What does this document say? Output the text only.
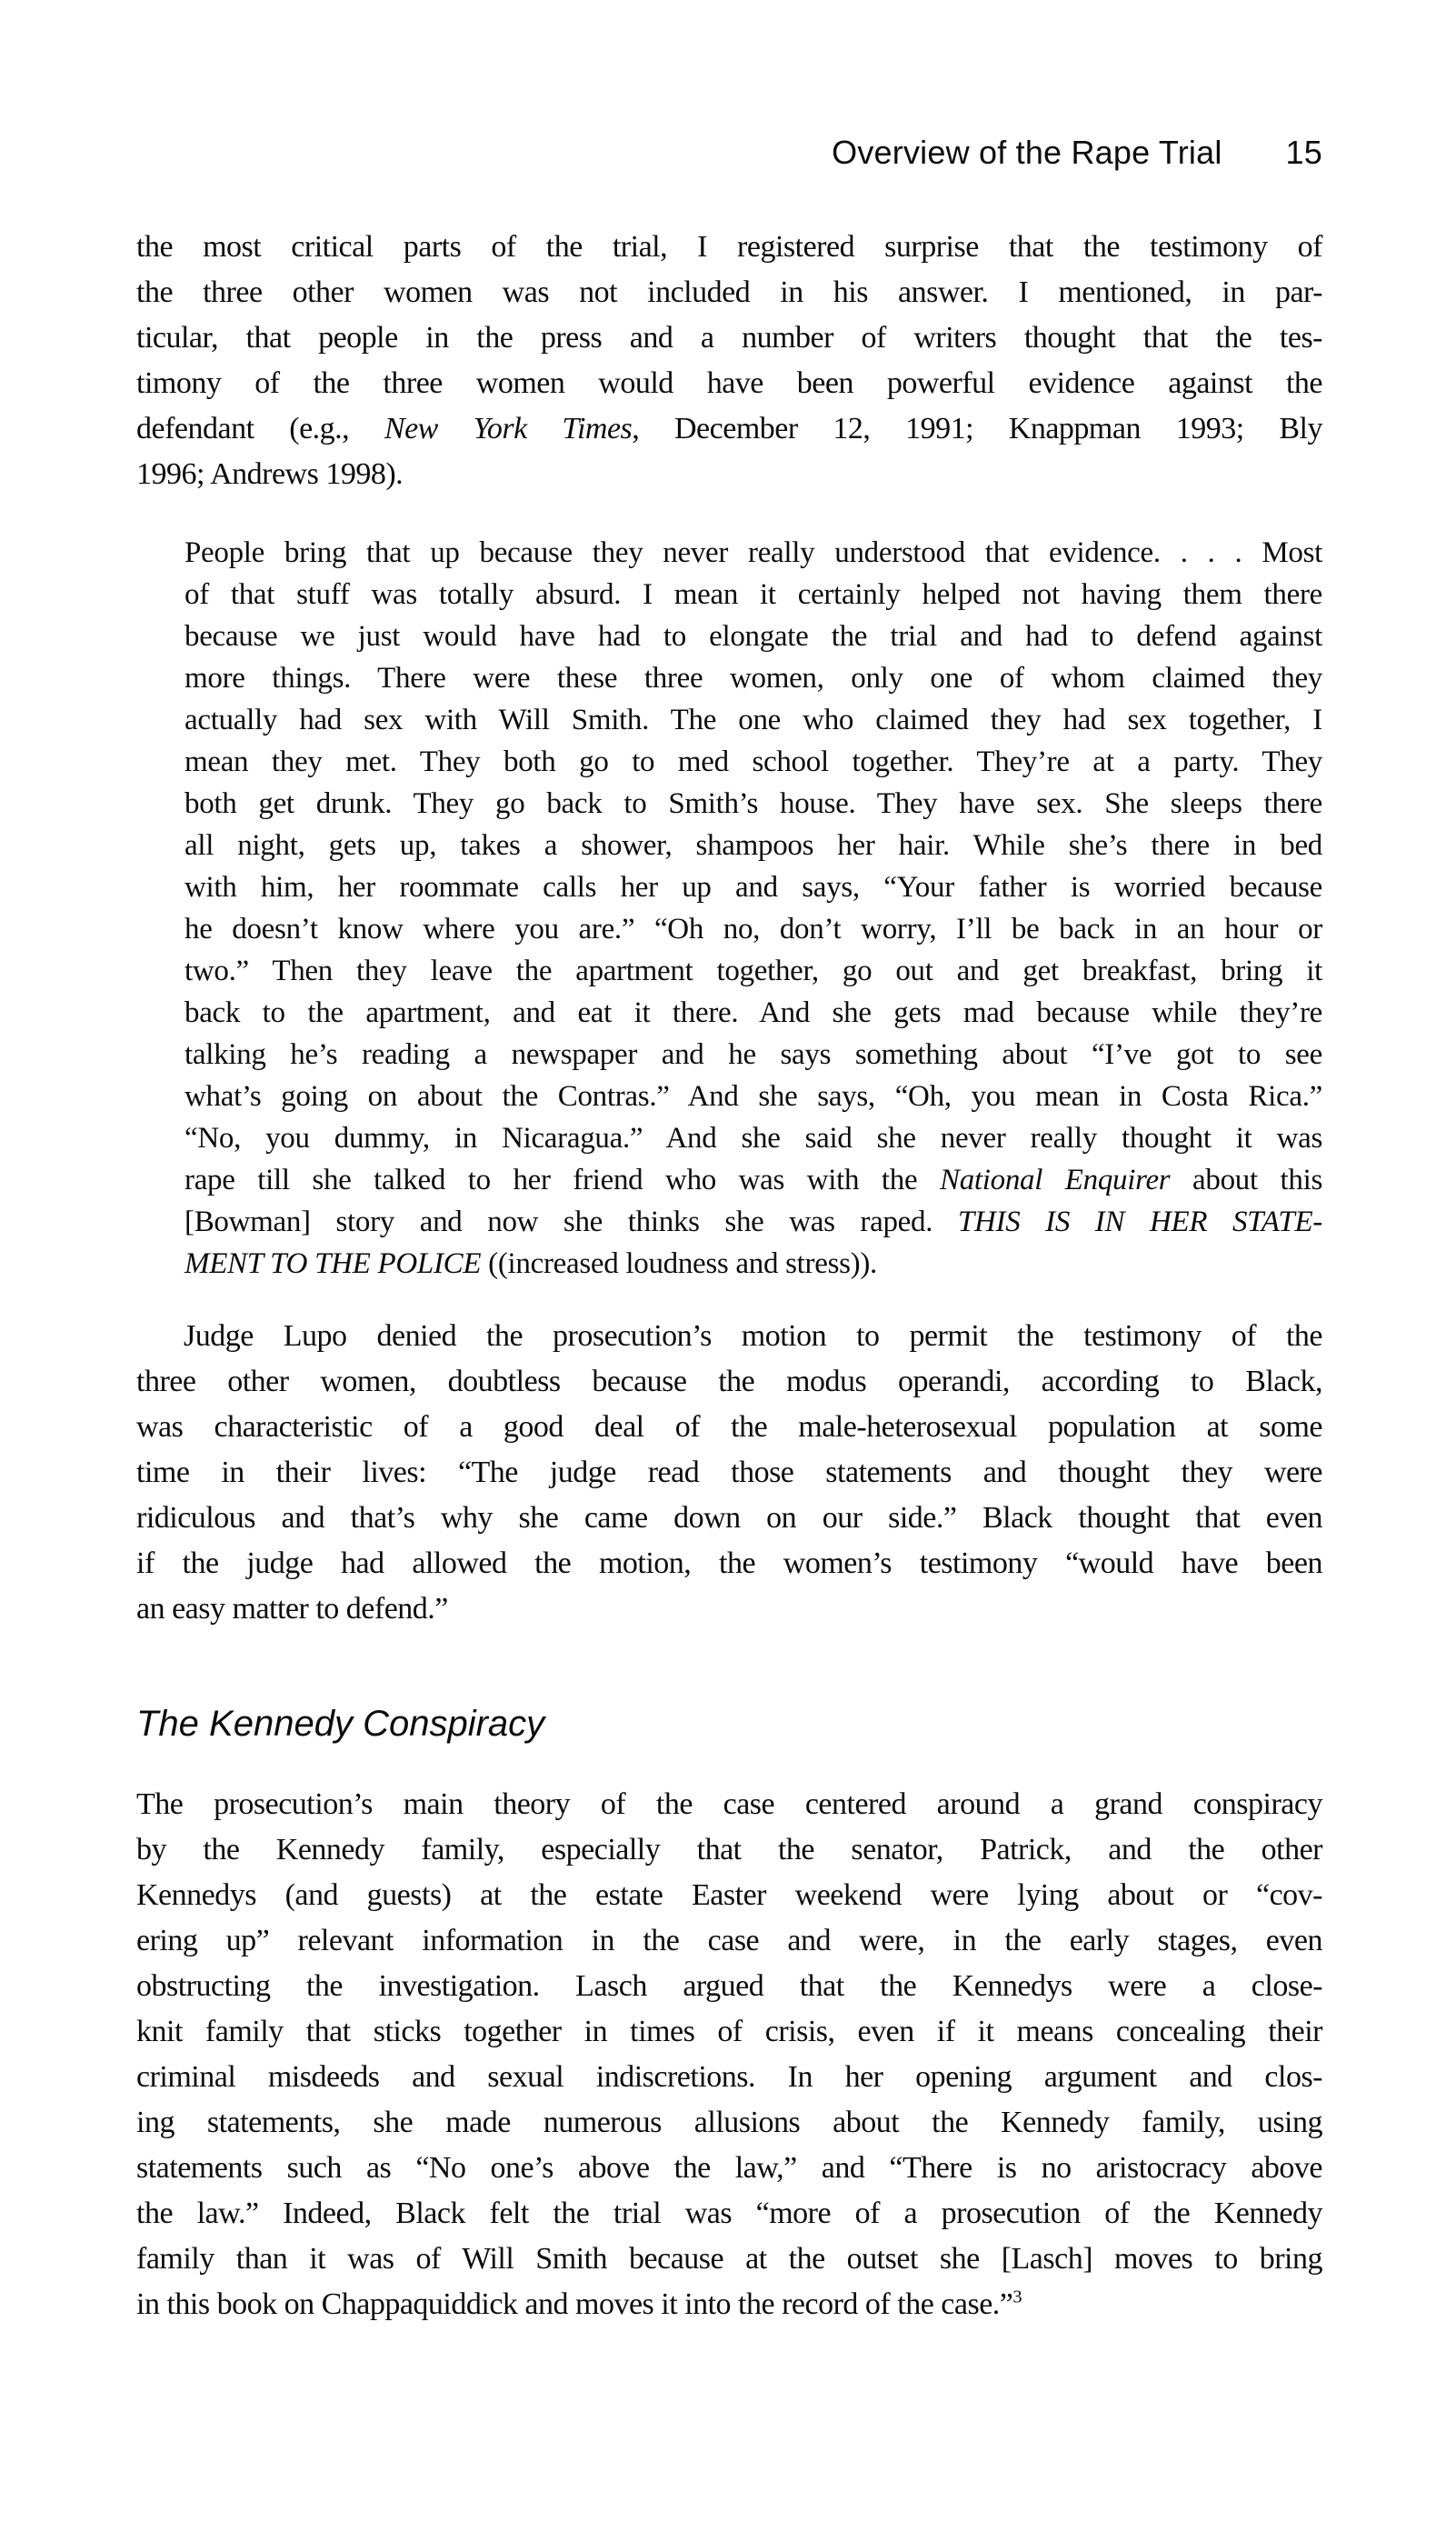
Overview of the Rape Trial 15
the most critical parts of the trial, I registered surprise that the testimony of
the three other women was not included in his answer. I mentioned, in par-
ticular, that people in the press and a number of writers thought that the tes-
timony of the three women would have been powerful evidence against the
defendant (e.g., New York Times, December 12, 1991; Knappman 1993; Bly
1996; Andrews 1998).
People bring that up because they never really understood that evidence. . . . Most
of that stuff was totally absurd. I mean it certainly helped not having them there
because we just would have had to elongate the trial and had to defend against
more things. There were these three women, only one of whom claimed they
actually had sex with Will Smith. The one who claimed they had sex together, I
mean they met. They both go to med school together. They’re at a party. They
both get drunk. They go back to Smith’s house. They have sex. She sleeps there
all night, gets up, takes a shower, shampoos her hair. While she’s there in bed
with him, her roommate calls her up and says, “Your father is worried because
he doesn’t know where you are.” “Oh no, don’t worry, I’ll be back in an hour or
two.” Then they leave the apartment together, go out and get breakfast, bring it
back to the apartment, and eat it there. And she gets mad because while they’re
talking he’s reading a newspaper and he says something about “I’ve got to see
what’s going on about the Contras.” And she says, “Oh, you mean in Costa Rica.”
“No, you dummy, in Nicaragua.” And she said she never really thought it was
rape till she talked to her friend who was with the National Enquirer about this
[Bowman] story and now she thinks she was raped. THIS IS IN HER STATE-
MENT TO THE POLICE ((increased loudness and stress)).
Judge Lupo denied the prosecution’s motion to permit the testimony of the
three other women, doubtless because the modus operandi, according to Black,
was characteristic of a good deal of the male-heterosexual population at some
time in their lives: “The judge read those statements and thought they were
ridiculous and that’s why she came down on our side.” Black thought that even
if the judge had allowed the motion, the women’s testimony “would have been
an easy matter to defend.”
The Kennedy Conspiracy
The prosecution’s main theory of the case centered around a grand conspiracy
by the Kennedy family, especially that the senator, Patrick, and the other
Kennedys (and guests) at the estate Easter weekend were lying about or “cov-
ering up” relevant information in the case and were, in the early stages, even
obstructing the investigation. Lasch argued that the Kennedys were a close-
knit family that sticks together in times of crisis, even if it means concealing their
criminal misdeeds and sexual indiscretions. In her opening argument and clos-
ing statements, she made numerous allusions about the Kennedy family, using
statements such as “No one’s above the law,” and “There is no aristocracy above
the law.” Indeed, Black felt the trial was “more of a prosecution of the Kennedy
family than it was of Will Smith because at the outset she [Lasch] moves to bring
in this book on Chappaquiddick and moves it into the record of the case.”$^3$
